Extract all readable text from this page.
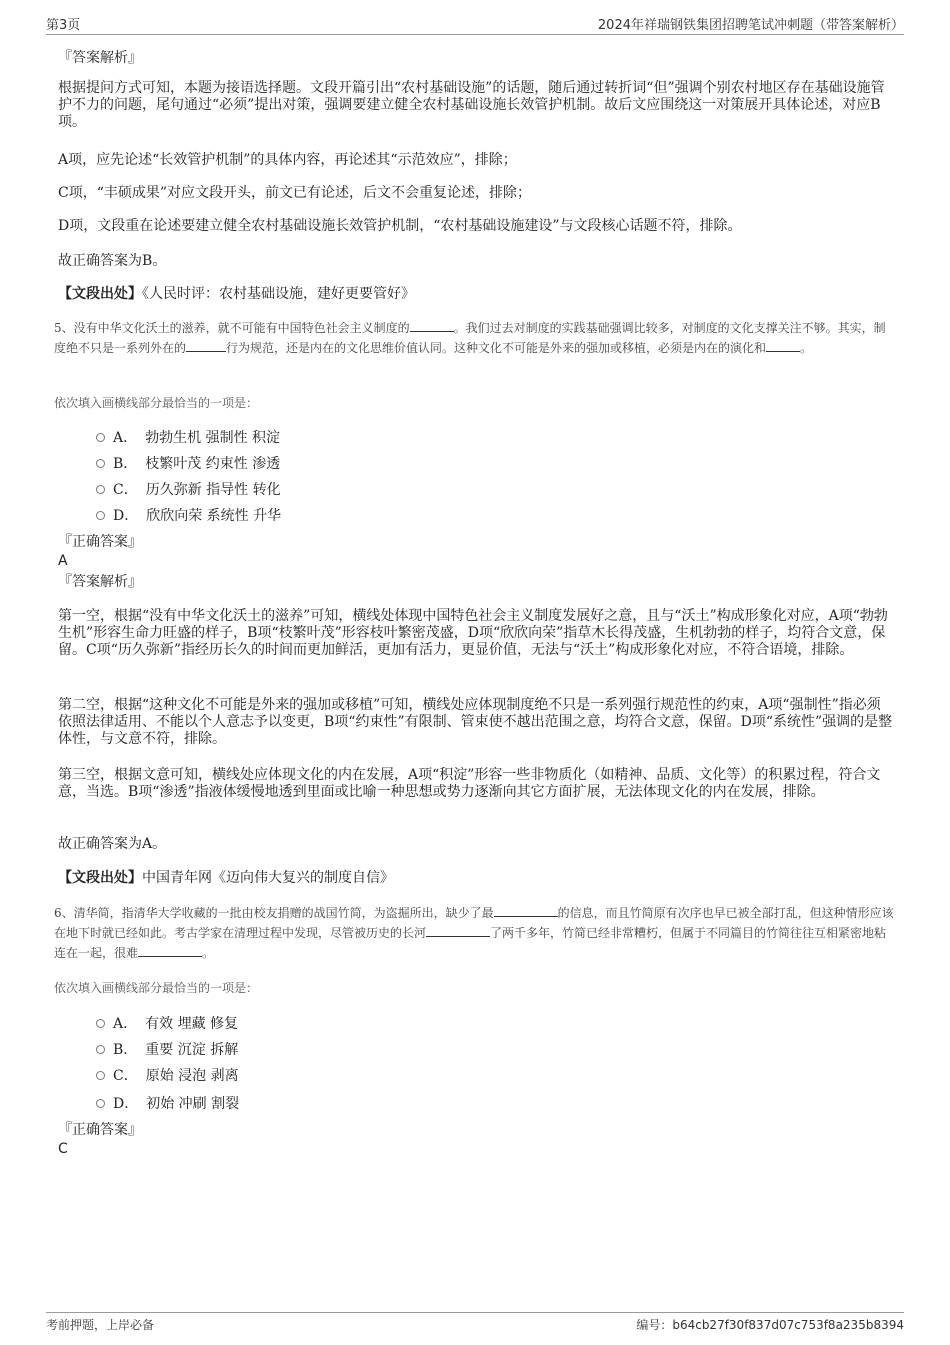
第3页	2024年祥瑞钢铁集团招聘笔试冲刺题（带答案解析）
『答案解析』
根据提问方式可知，本题为接语选择题。文段开篇引出“农村基础设施”的话题，随后通过转折词“但”强调个别农村地区存在基础设施管护不力的问题，尾句通过“必须”提出对策，强调要建立健全农村基础设施长效管护机制。故后文应围绕这一对策展开具体论述，对应B项。
A项，应先论述“长效管护机制”的具体内容，再论述其“示范效应”，排除；
C项，“丰硕成果”对应文段开头，前文已有论述，后文不会重复论述，排除；
D项，文段重在论述要建立健全农村基础设施长效管护机制，“农村基础设施建设”与文段核心话题不符，排除。
故正确答案为B。
【文段出处】《人民时评：农村基础设施，建好更要管好》
5、没有中华文化沃土的滋养，就不可能有中国特色社会主义制度的	。我们过去对制度的实践基础强调比较多，对制度的文化支撑关注不够。其实，制度绝不只是一系列外在的	行为规范，还是内在的文化思维价值认同。这种文化不可能是外来的强加或移植，必须是内在的演化和	。
依次填入画横线部分最恰当的一项是：
A． 勃勃生机 强制性 积淀
B． 枝繁叶茂 约束性 渗透
C． 历久弥新 指导性 转化
D． 欣欣向荣 系统性 升华
『正确答案』
A
『答案解析』
第一空，根据“没有中华文化沃土的滋养”可知，横线处体现中国特色社会主义制度发展好之意，且与“沃土”构成形象化对应，A项“勃勃生机”形容生命力旺盛的样子，B项“枝繁叶茂”形容枝叶繁密茂盛，D项“欣欣向荣”指草木长得茂盛，生机勃勃的样子，均符合文意，保留。C项“历久弥新”指经历长久的时间而更加鲜活，更加有活力，更显价值，无法与“沃土”构成形象化对应，不符合语境，排除。
第二空，根据“这种文化不可能是外来的强加或移植”可知，横线处应体现制度绝不只是一系列强行规范性的约束，A项“强制性”指必须依照法律适用、不能以个人意志予以变更，B项“约束性”有限制、管束使不越出范围之意，均符合文意，保留。D项“系统性”强调的是整体性，与文意不符，排除。
第三空，根据文意可知，横线处应体现文化的内在发展，A项“积淀”形容一些非物质化（如精神、品质、文化等）的积累过程，符合文意，当选。B项“渗透”指液体缓慢地透到里面或比喻一种思想或势力逐渐向其它方面扩展，无法体现文化的内在发展，排除。
故正确答案为A。
【文段出处】中国青年网《迈向伟大复兴的制度自信》
6、清华简，指清华大学收藏的一批由校友捐赠的战国竹简，为盗掘所出，缺少了最	的信息，而且竹简原有次序也早已被全部打乱，但这种情形应该在地下时就已经如此。考古学家在清理过程中发现，尽管被历史的长河	了两千多年，竹简已经非常糟朽，但属于不同篇目的竹简往往互相紧密地粘连在一起，很难	。
依次填入画横线部分最恰当的一项是：
A． 有效 埋藏 修复
B． 重要 沉淀 拆解
C． 原始 浸泡 剥离
D． 初始 冲刷 割裂
『正确答案』
C
考前押题，上岸必备	编号：b64cb27f30f837d07c753f8a235b8394
